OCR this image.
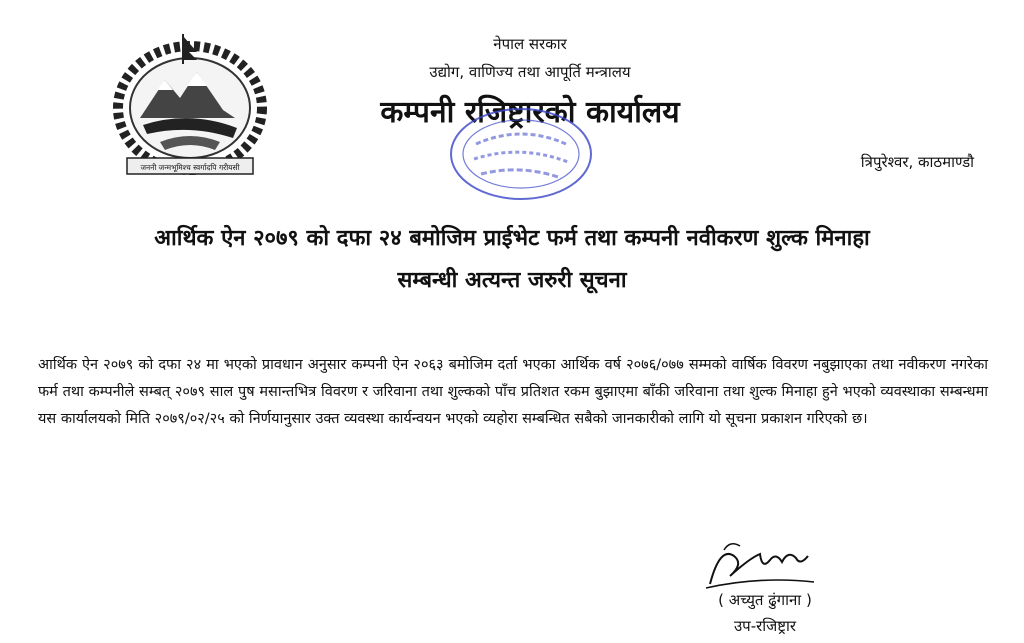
जननी जन्मभूमिश्च स्वर्गादपि गरीयसी
नेपाल सरकार
उद्योग, वाणिज्य तथा आपूर्ति मन्त्रालय
कम्पनी रजिष्ट्रारको कार्यालय
त्रिपुरेश्वर, काठमाण्डौ
आर्थिक ऐन २०७९ को दफा २४ बमोजिम प्राईभेट फर्म तथा कम्पनी नवीकरण शुल्क मिनाहा
सम्बन्धी अत्यन्त जरुरी सूचना
आर्थिक ऐन २०७९ को दफा २४ मा भएको प्रावधान अनुसार कम्पनी ऐन २०६३ बमोजिम दर्ता भएका आर्थिक वर्ष २०७६/०७७ सम्मको वार्षिक विवरण नबुझाएका तथा नवीकरण नगरेका फर्म तथा कम्पनीले सम्बत् २०७९ साल पुष मसान्तभित्र विवरण र जरिवाना तथा शुल्कको पाँच प्रतिशत रकम बुझाएमा बाँकी जरिवाना तथा शुल्क मिनाहा हुने भएको व्यवस्थाका सम्बन्धमा यस कार्यालयको मिति २०७९/०२/२५ को निर्णयानुसार उक्त व्यवस्था कार्यन्वयन भएको व्यहोरा सम्बन्धित सबैको जानकारीको लागि यो सूचना प्रकाशन गरिएको छ।
( अच्युत ढुंगाना )
उप-रजिष्ट्रार
